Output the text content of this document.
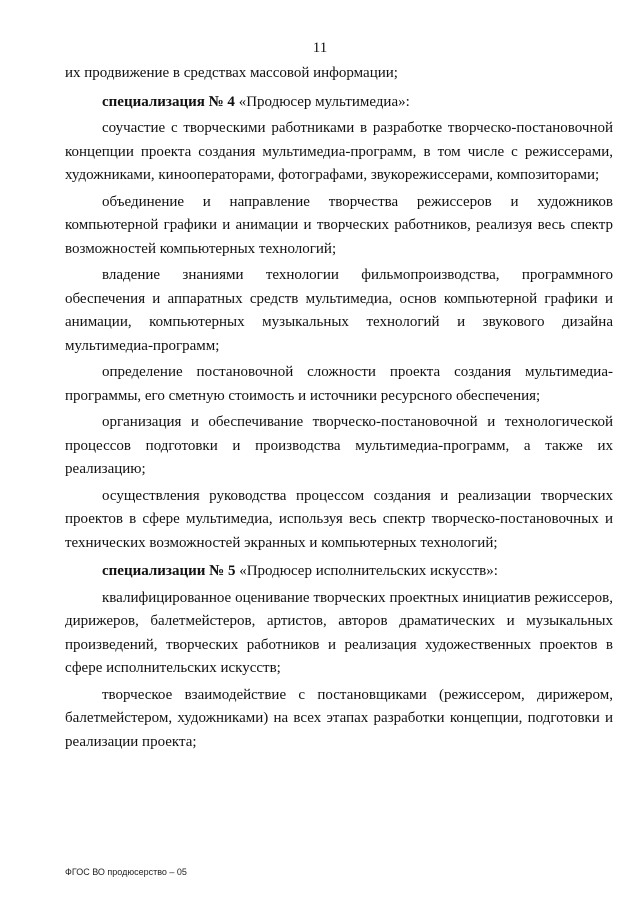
11

их продвижение в средствах массовой информации;

специализация № 4 «Продюсер мультимедиа»:

соучастие с творческими работниками в разработке творческо-постановочной концепции проекта создания мультимедиа-программ, в том числе с режиссерами, художниками, кинооператорами, фотографами, звукорежиссерами, композиторами;

объединение и направление творчества режиссеров и художников компьютерной графики и анимации и творческих работников, реализуя весь спектр возможностей компьютерных технологий;

владение знаниями технологии фильмопроизводства, программного обеспечения и аппаратных средств мультимедиа, основ компьютерной графики и анимации, компьютерных музыкальных технологий и звукового дизайна мультимедиа-программ;

определение постановочной сложности проекта создания мультимедиа-программы, его сметную стоимость и источники ресурсного обеспечения;

организация и обеспечивание творческо-постановочной и технологической процессов подготовки и производства мультимедиа-программ, а также их реализацию;

осуществления руководства процессом создания и реализации творческих проектов в сфере мультимедиа, используя весь спектр творческо-постановочных и технических возможностей экранных и компьютерных технологий;

специализации № 5 «Продюсер исполнительских искусств»:

квалифицированное оценивание творческих проектных инициатив режиссеров, дирижеров, балетмейстеров, артистов, авторов драматических и музыкальных произведений, творческих работников и реализация художественных проектов в сфере исполнительских искусств;

творческое взаимодействие с постановщиками (режиссером, дирижером, балетмейстером, художниками) на всех этапах разработки концепции, подготовки и реализации проекта;

ФГОС ВО продюсерство – 05
